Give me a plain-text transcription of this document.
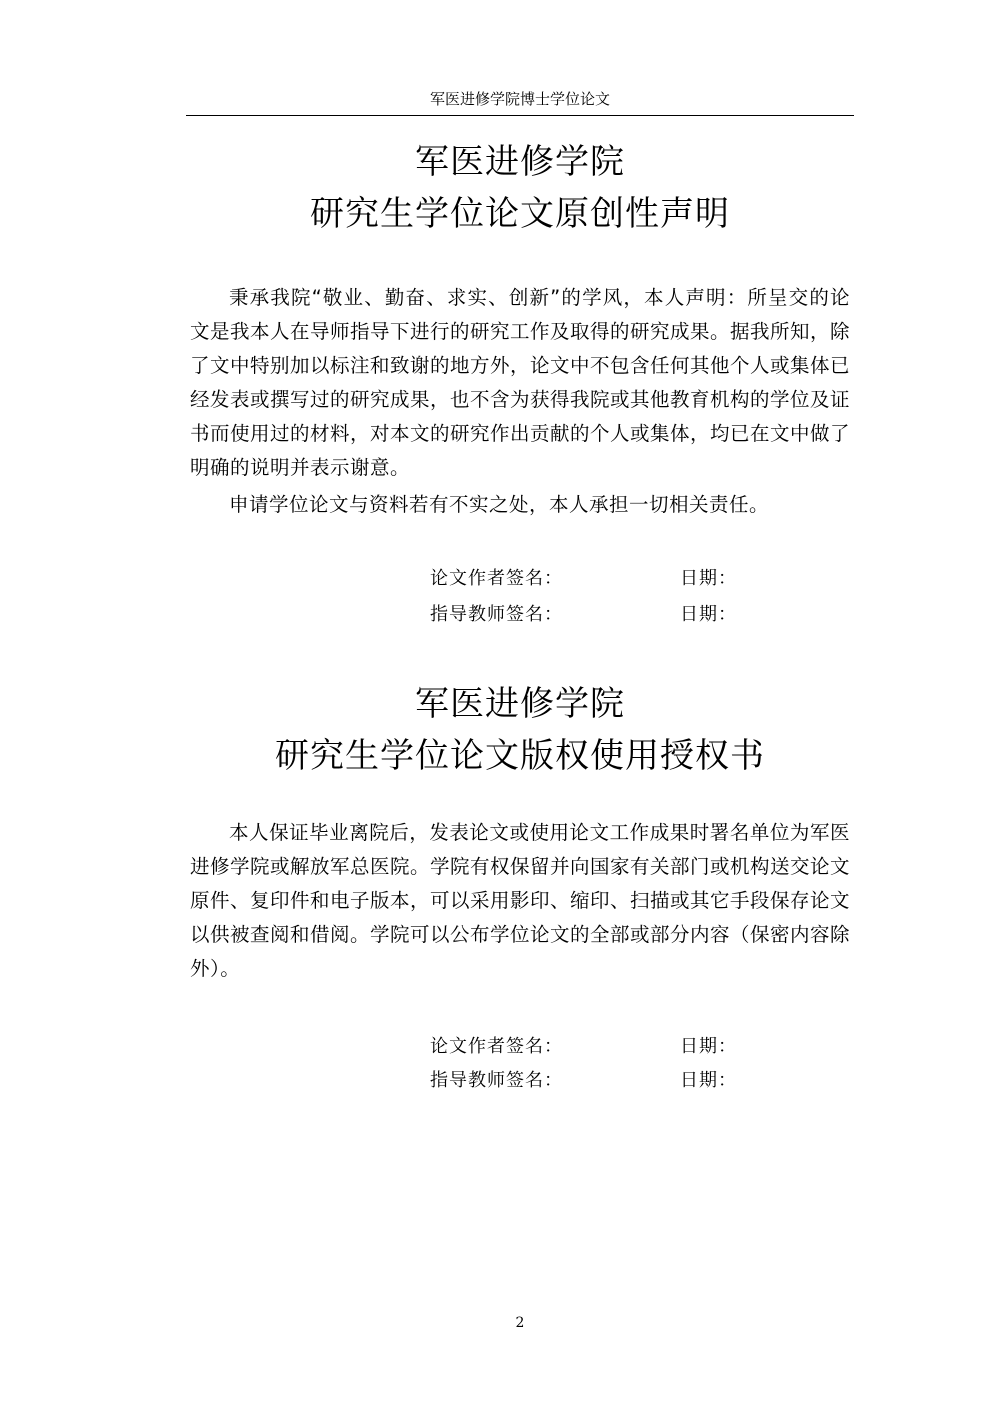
军医进修学院博士学位论文
军医进修学院
研究生学位论文原创性声明
秉承我院“敬业、勤奋、求实、创新”的学风，本人声明：所呈交的论文是我本人在导师指导下进行的研究工作及取得的研究成果。据我所知，除了文中特别加以标注和致谢的地方外，论文中不包含任何其他个人或集体已经发表或撰写过的研究成果，也不含为获得我院或其他教育机构的学位及证书而使用过的材料，对本文的研究作出贡献的个人或集体，均已在文中做了明确的说明并表示谢意。
申请学位论文与资料若有不实之处，本人承担一切相关责任。
论文作者签名：	日期：
指导教师签名：	日期：
军医进修学院
研究生学位论文版权使用授权书
本人保证毕业离院后，发表论文或使用论文工作成果时署名单位为军医进修学院或解放军总医院。学院有权保留并向国家有关部门或机构送交论文原件、复印件和电子版本，可以采用影印、缩印、扫描或其它手段保存论文以供被查阅和借阅。学院可以公布学位论文的全部或部分内容（保密内容除外）。
论文作者签名：	日期：
指导教师签名：	日期：
2
